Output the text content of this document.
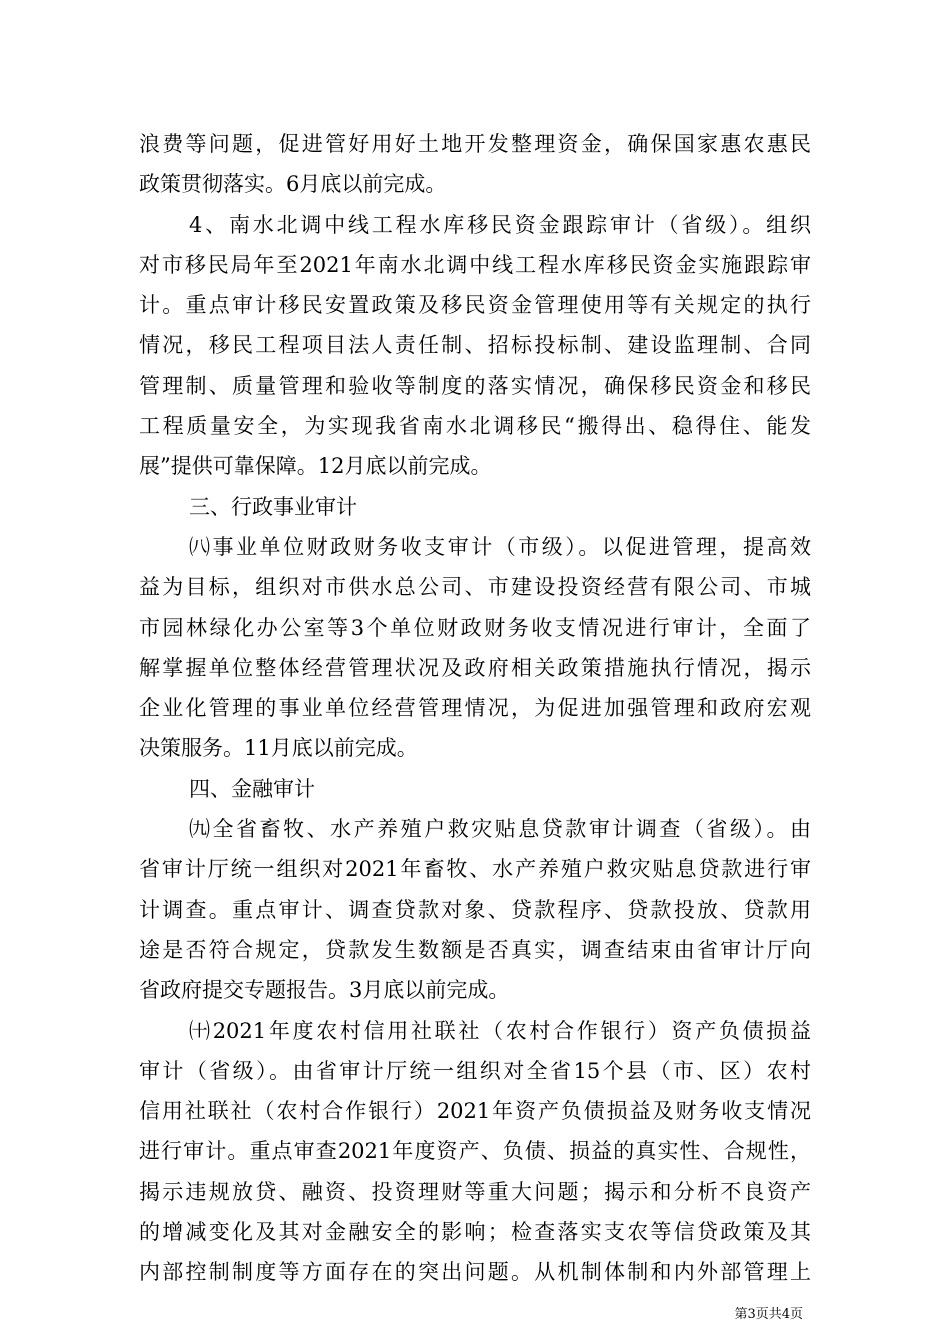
浪费等问题，促进管好用好土地开发整理资金，确保国家惠农惠民
政策贯彻落实。6月底以前完成。
4、南水北调中线工程水库移民资金跟踪审计（省级）。组织
对市移民局年至2021年南水北调中线工程水库移民资金实施跟踪审
计。重点审计移民安置政策及移民资金管理使用等有关规定的执行
情况，移民工程项目法人责任制、招标投标制、建设监理制、合同
管理制、质量管理和验收等制度的落实情况，确保移民资金和移民
工程质量安全，为实现我省南水北调移民“搬得出、稳得住、能发
展”提供可靠保障。12月底以前完成。
三、行政事业审计
㈧事业单位财政财务收支审计（市级）。以促进管理，提高效
益为目标，组织对市供水总公司、市建设投资经营有限公司、市城
市园林绿化办公室等3个单位财政财务收支情况进行审计，全面了
解掌握单位整体经营管理状况及政府相关政策措施执行情况，揭示
企业化管理的事业单位经营管理情况，为促进加强管理和政府宏观
决策服务。11月底以前完成。
四、金融审计
㈨全省畜牧、水产养殖户救灾贴息贷款审计调查（省级）。由
省审计厅统一组织对2021年畜牧、水产养殖户救灾贴息贷款进行审
计调查。重点审计、调查贷款对象、贷款程序、贷款投放、贷款用
途是否符合规定，贷款发生数额是否真实，调查结束由省审计厅向
省政府提交专题报告。3月底以前完成。
㈩2021年度农村信用社联社（农村合作银行）资产负债损益
审计（省级）。由省审计厅统一组织对全省15个县（市、区）农村
信用社联社（农村合作银行）2021年资产负债损益及财务收支情况
进行审计。重点审查2021年度资产、负债、损益的真实性、合规性，
揭示违规放贷、融资、投资理财等重大问题；揭示和分析不良资产
的增减变化及其对金融安全的影响；检查落实支农等信贷政策及其
内部控制制度等方面存在的突出问题。从机制体制和内外部管理上
第3页共4页
